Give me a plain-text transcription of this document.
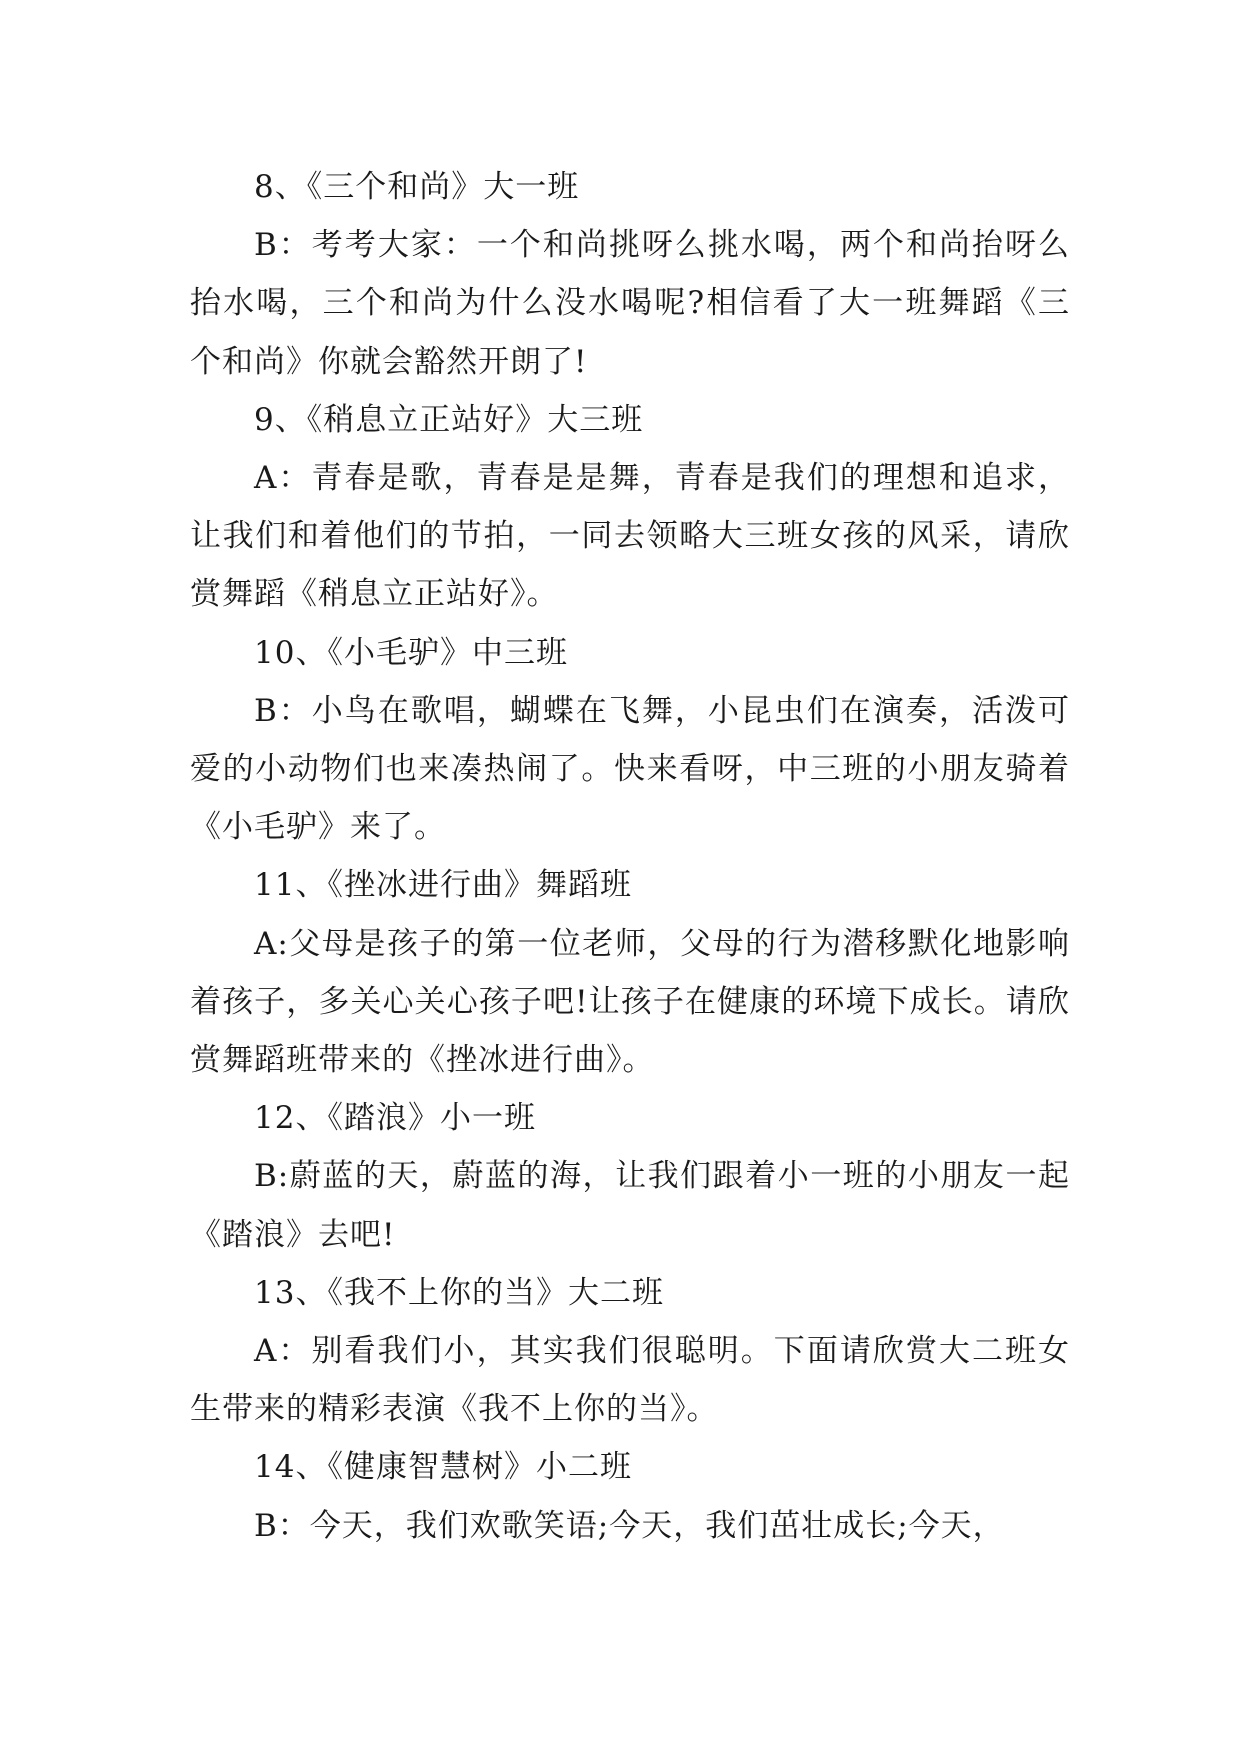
8、《三个和尚》大一班

B：考考大家：一个和尚挑呀么挑水喝，两个和尚抬呀么抬水喝，三个和尚为什么没水喝呢?相信看了大一班舞蹈《三个和尚》你就会豁然开朗了!

9、《稍息立正站好》大三班

A：青春是歌，青春是是舞，青春是我们的理想和追求，让我们和着他们的节拍，一同去领略大三班女孩的风采，请欣赏舞蹈《稍息立正站好》。

10、《小毛驴》中三班

B：小鸟在歌唱，蝴蝶在飞舞，小昆虫们在演奏，活泼可爱的小动物们也来凑热闹了。快来看呀，中三班的小朋友骑着《小毛驴》来了。

11、《挫冰进行曲》舞蹈班

A:父母是孩子的第一位老师，父母的行为潜移默化地影响着孩子，多关心关心孩子吧!让孩子在健康的环境下成长。请欣赏舞蹈班带来的《挫冰进行曲》。

12、《踏浪》小一班

B:蔚蓝的天，蔚蓝的海，让我们跟着小一班的小朋友一起《踏浪》去吧!

13、《我不上你的当》大二班

A：别看我们小，其实我们很聪明。下面请欣赏大二班女生带来的精彩表演《我不上你的当》。

14、《健康智慧树》小二班

B：今天，我们欢歌笑语;今天，我们茁壮成长;今天，
